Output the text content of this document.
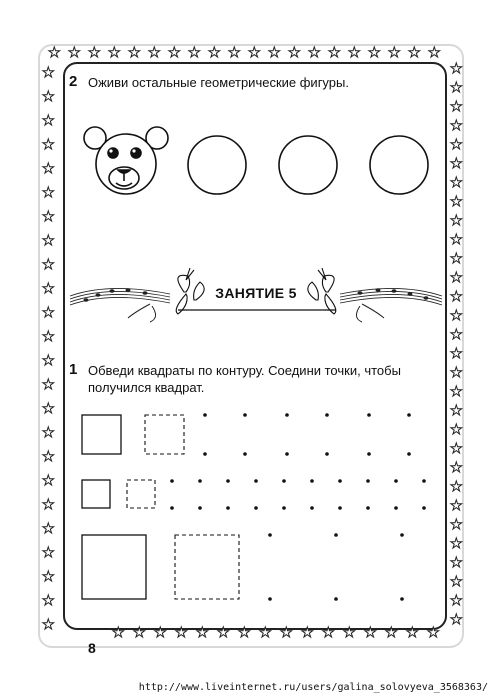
★ ★ ★ ★ ★ ★ ★ ★ ★ ★ ★ ★ ★ ★ ★ ★ ★ ★ ★ ★
★ ★ ★ ★ ★ ★ ★ ★ ★ ★ ★ ★ ★ ★ ★ ★
★
★
★
★
★
★
★
★
★
★
★
★
★
★
★
★
★
★
★
★
★
★
★
★
★
★
★
★
★
★
★
★
★
★
★
★
★
★
★
★
★
★
★
★
★
★
★
★
★
★
★
★
★
★
2 Оживи остальные геометрические фигуры.
ЗАНЯТИЕ 5
1 Обведи квадраты по контуру. Соедини точки, чтобы
получился квадрат.
8
http://www.liveinternet.ru/users/galina_solovyeva_3568363/
